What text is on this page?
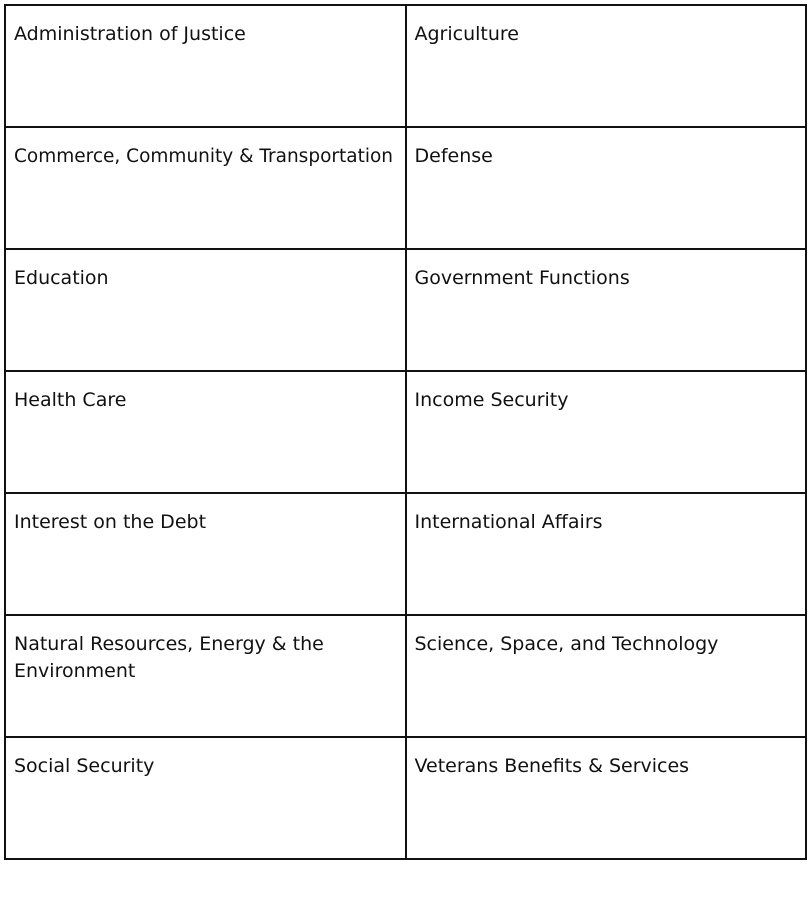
Administration of Justice	Agriculture

Commerce, Community & Transportation	Defense

Education	Government Functions

Health Care	Income Security

Interest on the Debt	International Affairs

Natural Resources, Energy & the Environment	Science, Space, and Technology

Social Security	Veterans Benefits & Services
